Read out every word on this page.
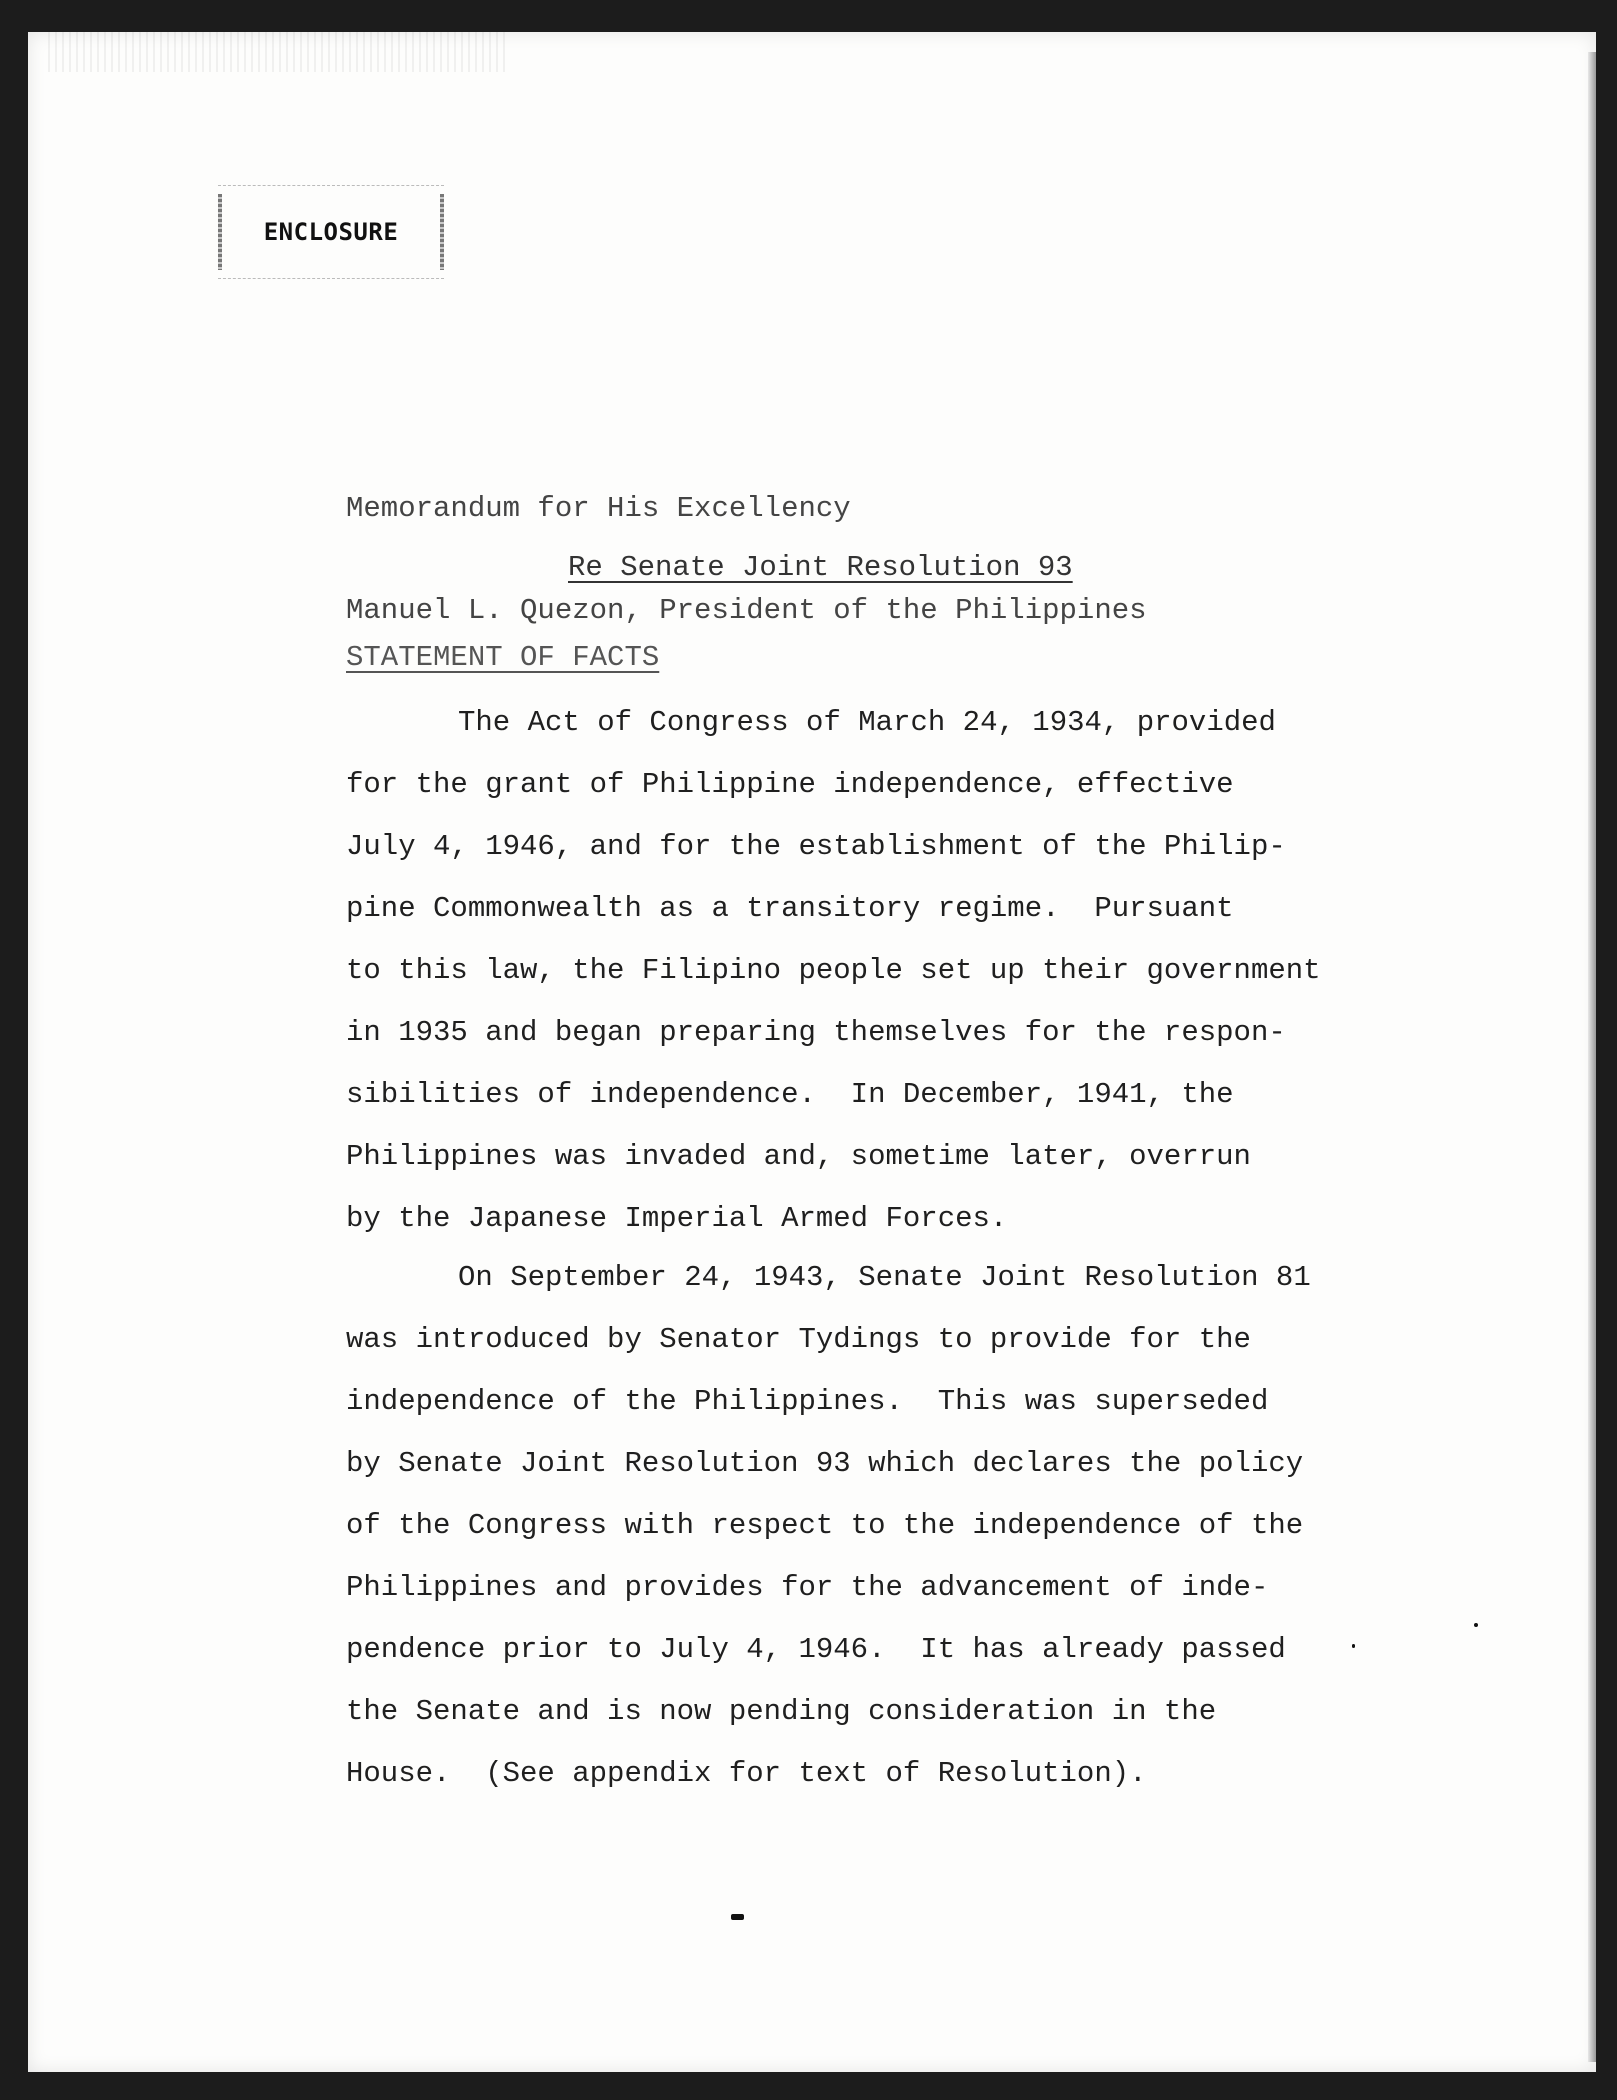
ENCLOSURE

Memorandum for His Excellency

Manuel L. Quezon, President of the Philippines

Re Senate Joint Resolution 93
STATEMENT OF FACTS
The Act of Congress of March 24, 1934, provided
for the grant of Philippine independence, effective
July 4, 1946, and for the establishment of the Philip-
pine Commonwealth as a transitory regime.  Pursuant
to this law, the Filipino people set up their government
in 1935 and began preparing themselves for the respon-
sibilities of independence.  In December, 1941, the
Philippines was invaded and, sometime later, overrun
by the Japanese Imperial Armed Forces.
On September 24, 1943, Senate Joint Resolution 81
was introduced by Senator Tydings to provide for the
independence of the Philippines.  This was superseded
by Senate Joint Resolution 93 which declares the policy
of the Congress with respect to the independence of the
Philippines and provides for the advancement of inde-
pendence prior to July 4, 1946.  It has already passed
the Senate and is now pending consideration in the
House.  (See appendix for text of Resolution).
